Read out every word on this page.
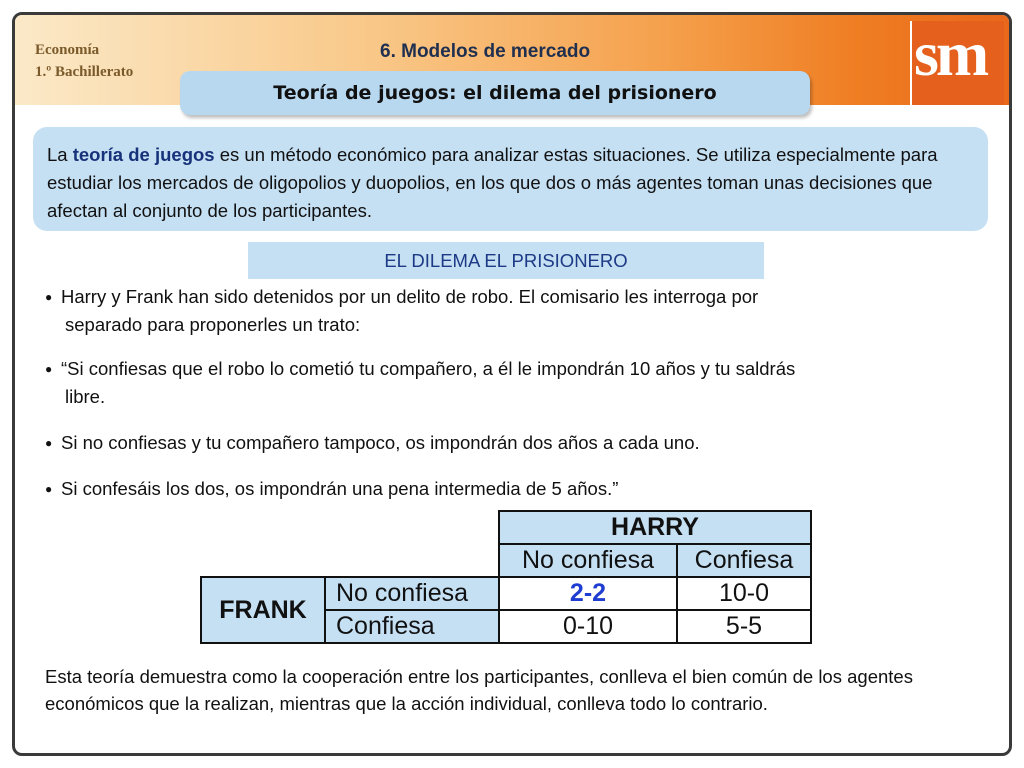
Economía
1.º Bachillerato
6. Modelos de mercado	sm
Teoría de juegos: el dilema del prisionero
La teoría de juegos es un método económico para analizar estas situaciones. Se utiliza especialmente para estudiar los mercados de oligopolios y duopolios, en los que dos o más agentes toman unas decisiones que afectan al conjunto de los participantes.
EL DILEMA EL PRISIONERO
● Harry y Frank han sido detenidos por un delito de robo. El comisario les interroga por
separado para proponerles un trato:
● “Si confiesas que el robo lo cometió tu compañero, a él le impondrán 10 años y tu saldrás
libre.
● Si no confiesas y tu compañero tampoco, os impondrán dos años a cada uno.
● Si confesáis los dos, os impondrán una pena intermedia de 5 años.”
		HARRY	
		No confiesa	Confiesa
FRANK	No confiesa	2-2	10-0
	Confiesa	0-10	5-5
Esta teoría demuestra como la cooperación entre los participantes, conlleva el bien común de los agentes económicos que la realizan, mientras que la acción individual, conlleva todo lo contrario.
